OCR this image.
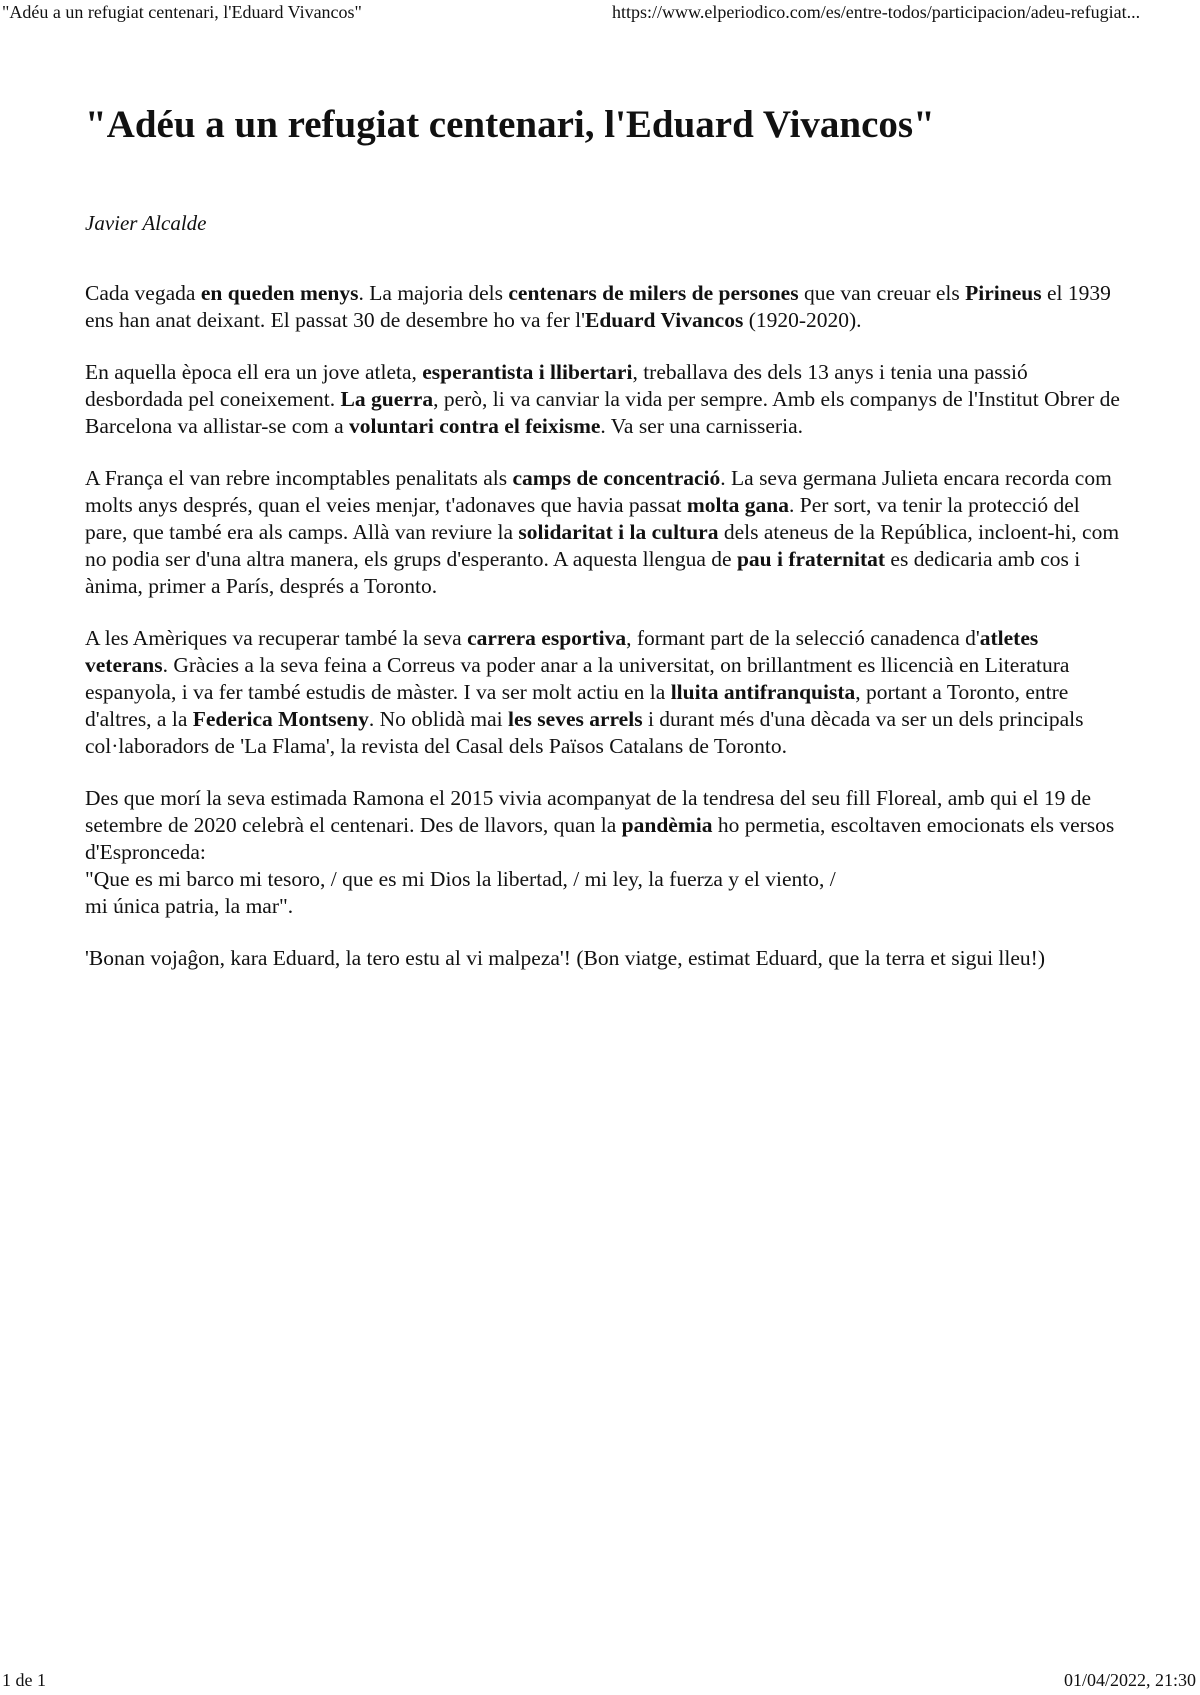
"Adéu a un refugiat centenari, l'Eduard Vivancos"	https://www.elperiodico.com/es/entre-todos/participacion/adeu-refugiat...
"Adéu a un refugiat centenari, l'Eduard Vivancos"
Javier Alcalde

Cada vegada en queden menys. La majoria dels centenars de milers de persones que van creuar els Pirineus el 1939 ens han anat deixant. El passat 30 de desembre ho va fer l'Eduard Vivancos (1920-2020).

En aquella època ell era un jove atleta, esperantista i llibertari, treballava des dels 13 anys i tenia una passió desbordada pel coneixement. La guerra, però, li va canviar la vida per sempre. Amb els companys de l'Institut Obrer de Barcelona va allistar-se com a voluntari contra el feixisme. Va ser una carnisseria.

A França el van rebre incomptables penalitats als camps de concentració. La seva germana Julieta encara recorda com molts anys després, quan el veies menjar, t'adonaves que havia passat molta gana. Per sort, va tenir la protecció del pare, que també era als camps. Allà van reviure la solidaritat i la cultura dels ateneus de la República, incloent-hi, com no podia ser d'una altra manera, els grups d'esperanto. A aquesta llengua de pau i fraternitat es dedicaria amb cos i ànima, primer a París, després a Toronto.

A les Amèriques va recuperar també la seva carrera esportiva, formant part de la selecció canadenca d'atletes veterans. Gràcies a la seva feina a Correus va poder anar a la universitat, on brillantment es llicencià en Literatura espanyola, i va fer també estudis de màster. I va ser molt actiu en la lluita antifranquista, portant a Toronto, entre d'altres, a la Federica Montseny. No oblidà mai les seves arrels i durant més d'una dècada va ser un dels principals col·laboradors de 'La Flama', la revista del Casal dels Països Catalans de Toronto.

Des que morí la seva estimada Ramona el 2015 vivia acompanyat de la tendresa del seu fill Floreal, amb qui el 19 de setembre de 2020 celebrà el centenari. Des de llavors, quan la pandèmia ho permetia, escoltaven emocionats els versos d'Espronceda:
"Que es mi barco mi tesoro, / que es mi Dios la libertad, / mi ley, la fuerza y el viento, /
mi única patria, la mar".

'Bonan vojaĝon, kara Eduard, la tero estu al vi malpeza'! (Bon viatge, estimat Eduard, que la terra et sigui lleu!)

1 de 1	01/04/2022, 21:30
